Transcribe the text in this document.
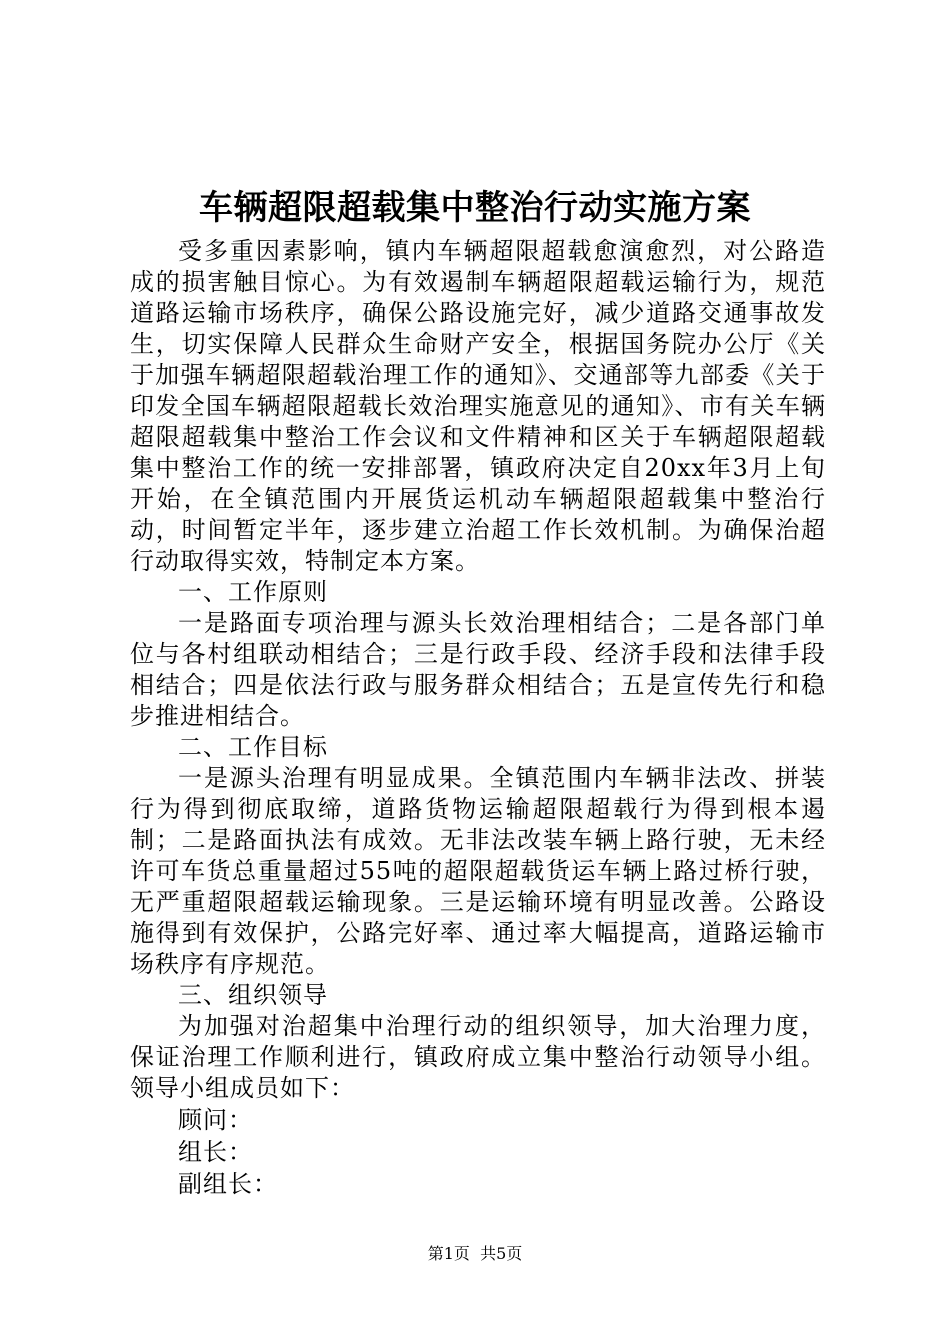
车辆超限超载集中整治行动实施方案

受多重因素影响，镇内车辆超限超载愈演愈烈，对公路造成的损害触目惊心。为有效遏制车辆超限超载运输行为，规范道路运输市场秩序，确保公路设施完好，减少道路交通事故发生，切实保障人民群众生命财产安全，根据国务院办公厅《关于加强车辆超限超载治理工作的通知》、交通部等九部委《关于印发全国车辆超限超载长效治理实施意见的通知》、市有关车辆超限超载集中整治工作会议和文件精神和区关于车辆超限超载集中整治工作的统一安排部署，镇政府决定自20xx年3月上旬开始，在全镇范围内开展货运机动车辆超限超载集中整治行动，时间暂定半年，逐步建立治超工作长效机制。为确保治超行动取得实效，特制定本方案。

一、工作原则

一是路面专项治理与源头长效治理相结合；二是各部门单位与各村组联动相结合；三是行政手段、经济手段和法律手段相结合；四是依法行政与服务群众相结合；五是宣传先行和稳步推进相结合。

二、工作目标

一是源头治理有明显成果。全镇范围内车辆非法改、拼装行为得到彻底取缔，道路货物运输超限超载行为得到根本遏制；二是路面执法有成效。无非法改装车辆上路行驶，无未经许可车货总重量超过55吨的超限超载货运车辆上路过桥行驶，无严重超限超载运输现象。三是运输环境有明显改善。公路设施得到有效保护，公路完好率、通过率大幅提高，道路运输市场秩序有序规范。

三、组织领导

为加强对治超集中治理行动的组织领导，加大治理力度，保证治理工作顺利进行，镇政府成立集中整治行动领导小组。领导小组成员如下：

顾问：

组长：

副组长：

第1页 共5页
